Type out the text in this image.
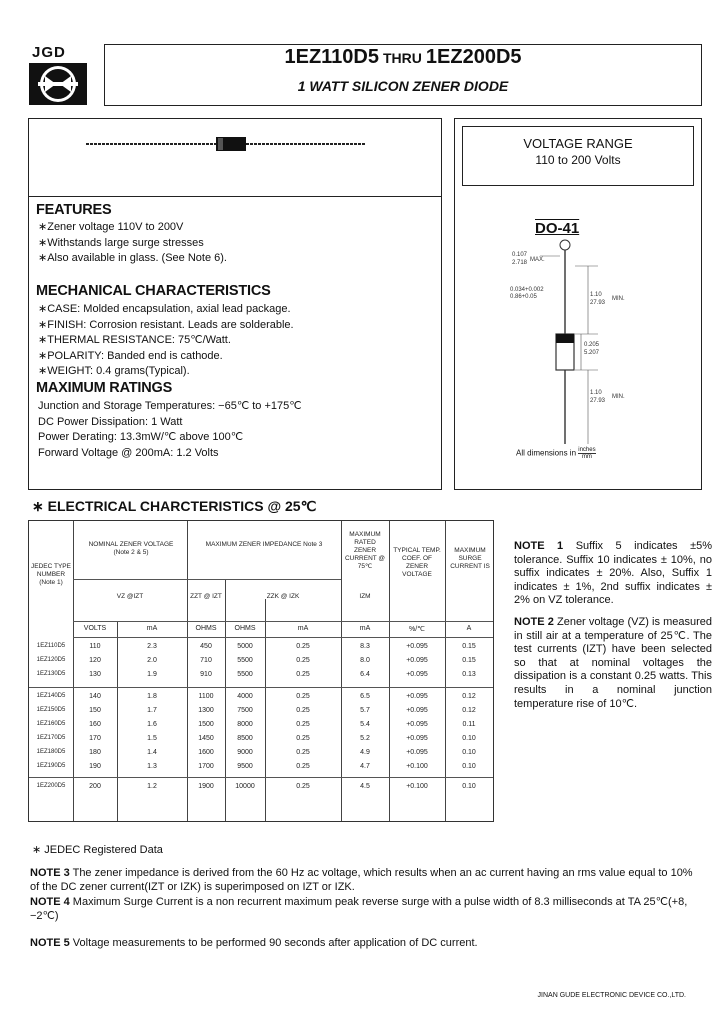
JGD	1EZ110D5 THRU 1EZ200D5
1 WATT SILICON ZENER DIODE
FEATURES
∗ Zener voltage 110V to 200V
∗ Withstands large surge stresses
∗ Also available in glass. (See Note 6).
MECHANICAL CHARACTERISTICS
∗ CASE: Molded encapsulation, axial lead package.
∗ FINISH: Corrosion resistant. Leads are solderable.
∗ THERMAL RESISTANCE: 75℃/Watt.
∗ POLARITY: Banded end is cathode.
∗ WEIGHT: 0.4 grams(Typical).
MAXIMUM RATINGS
Junction and Storage Temperatures: −65℃ to +175℃
DC Power Dissipation: 1 Watt
Power Derating: 13.3mW/℃ above 100℃
Forward Voltage @ 200mA: 1.2 Volts
VOLTAGE RANGE
110 to 200 Volts
DO-41
0.107
2.718 MAX.
0.034+0.002
0.86+0.05	1.10
27.93
MIN.
0.205
5.207
1.10
27.93
MIN.
All dimensions in inches
mm
∗ ELECTRICAL CHARCTERISTICS @ 25℃
JEDEC TYPE NUMBER (Note 1)
NOMINAL ZENER VOLTAGE (Note 2 & 5)
MAXIMUM ZENER IMPEDANCE Note 3
MAXIMUM RATED ZENER CURRENT @ 75℃
TYPICAL TEMP. COEF. OF ZENER VOLTAGE
MAXIMUM SURGE CURRENT IS
VZ @IZT	ZZT @ IZT	ZZK @ IZK	IZM
VOLTS	mA	OHMS	OHMS	mA	mA	%/℃	A
1EZ110D5	110	2.3	450	5000	0.25	8.3	+0.095	0.15
1EZ120D5	120	2.0	710	5500	0.25	8.0	+0.095	0.15
1EZ130D5	130	1.9	910	5500	0.25	6.4	+0.095	0.13
1EZ140D5	140	1.8	1100	4000	0.25	6.5	+0.095	0.12
1EZ150D5	150	1.7	1300	7500	0.25	5.7	+0.095	0.12
1EZ160D5	160	1.6	1500	8000	0.25	5.4	+0.095	0.11
1EZ170D5	170	1.5	1450	8500	0.25	5.2	+0.095	0.10
1EZ180D5	180	1.4	1600	9000	0.25	4.9	+0.095	0.10
1EZ190D5	190	1.3	1700	9500	0.25	4.7	+0.100	0.10
1EZ200D5	200	1.2	1900	10000	0.25	4.5	+0.100	0.10
∗ JEDEC Registered Data
NOTE 1 Suffix 5 indicates ±5% tolerance. Suffix 10 indicates ± 10%, no suffix indicates ± 20%. Also, Suffix 1 indicates ± 1%, 2nd suffix indicates ± 2% on VZ tolerance.
NOTE 2 Zener voltage (VZ) is measured in still air at a temperature of 25℃. The test currents (IZT) have been selected so that at nominal voltages the dissipation is a constant 0.25 watts. This results in a nominal junction temperature rise of 10℃.
NOTE 3 The zener impedance is derived from the 60 Hz ac voltage, which results when an ac current having an rms value equal to 10% of the DC zener current(IZT or IZK) is superimposed on IZT or IZK.
NOTE 4 Maximum Surge Current is a non recurrent maximum peak reverse surge with a pulse width of 8.3 milliseconds at TA 25℃(+8, −2℃)
NOTE 5 Voltage measurements to be performed 90 seconds after application of DC current.
JINAN GUDE ELECTRONIC DEVICE CO.,LTD.
